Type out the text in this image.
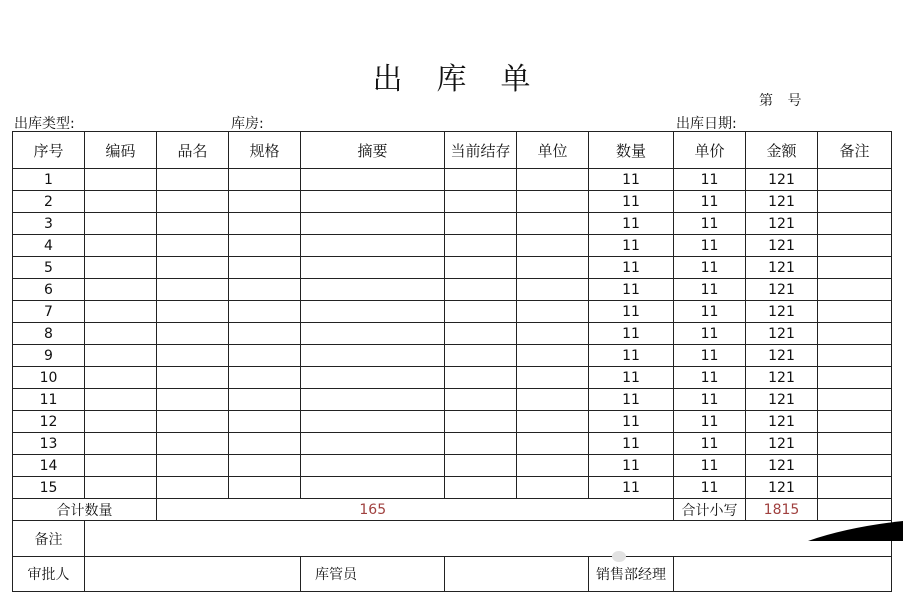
出库单
第 号
出库类型:	库房:	出库日期:
序号	编码	品名	规格	摘要	当前结存	单位	数量	单价	金额	备注
1							11	11	121	
2							11	11	121	
3							11	11	121	
4							11	11	121	
5							11	11	121	
6							11	11	121	
7							11	11	121	
8							11	11	121	
9							11	11	121	
10							11	11	121	
11							11	11	121	
12							11	11	121	
13							11	11	121	
14							11	11	121	
15							11	11	121	
合计数量		165						合计小写	1815	
备注										
审批人				库管员			销售部经理			
